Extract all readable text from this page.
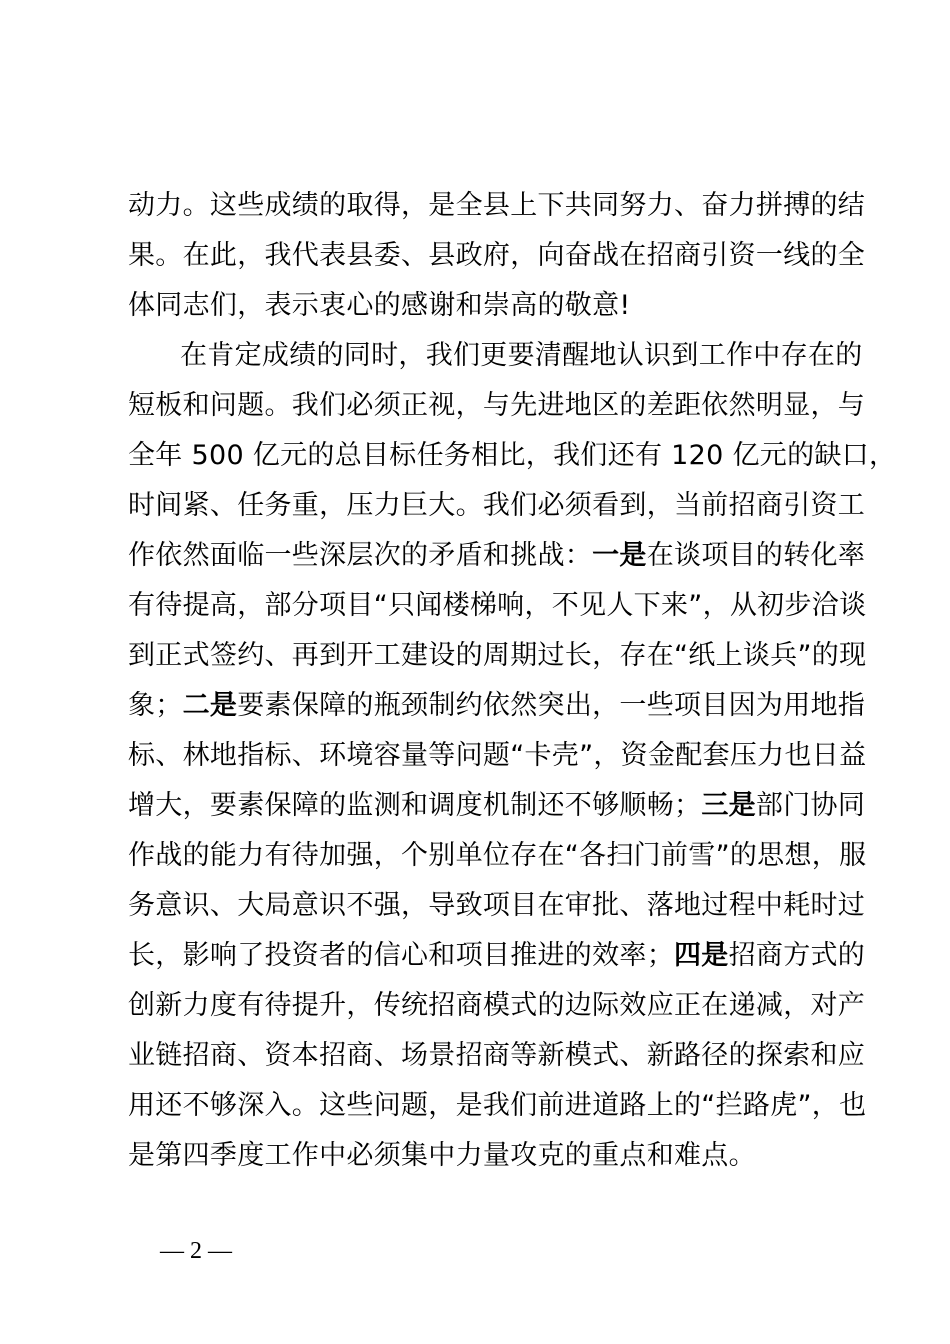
动力。这些成绩的取得，是全县上下共同努力、奋力拼搏的结
果。在此，我代表县委、县政府，向奋战在招商引资一线的全
体同志们，表示衷心的感谢和崇高的敬意!
在肯定成绩的同时，我们更要清醒地认识到工作中存在的
短板和问题。我们必须正视，与先进地区的差距依然明显，与
全年 500 亿元的总目标任务相比，我们还有 120 亿元的缺口，
时间紧、任务重，压力巨大。我们必须看到，当前招商引资工
作依然面临一些深层次的矛盾和挑战：一是在谈项目的转化率
有待提高，部分项目“只闻楼梯响，不见人下来”，从初步洽谈
到正式签约、再到开工建设的周期过长，存在“纸上谈兵”的现
象；二是要素保障的瓶颈制约依然突出，一些项目因为用地指
标、林地指标、环境容量等问题“卡壳”，资金配套压力也日益
增大，要素保障的监测和调度机制还不够顺畅；三是部门协同
作战的能力有待加强，个别单位存在“各扫门前雪”的思想，服
务意识、大局意识不强，导致项目在审批、落地过程中耗时过
长，影响了投资者的信心和项目推进的效率；四是招商方式的
创新力度有待提升，传统招商模式的边际效应正在递减，对产
业链招商、资本招商、场景招商等新模式、新路径的探索和应
用还不够深入。这些问题，是我们前进道路上的“拦路虎”，也
是第四季度工作中必须集中力量攻克的重点和难点。
— 2 —
